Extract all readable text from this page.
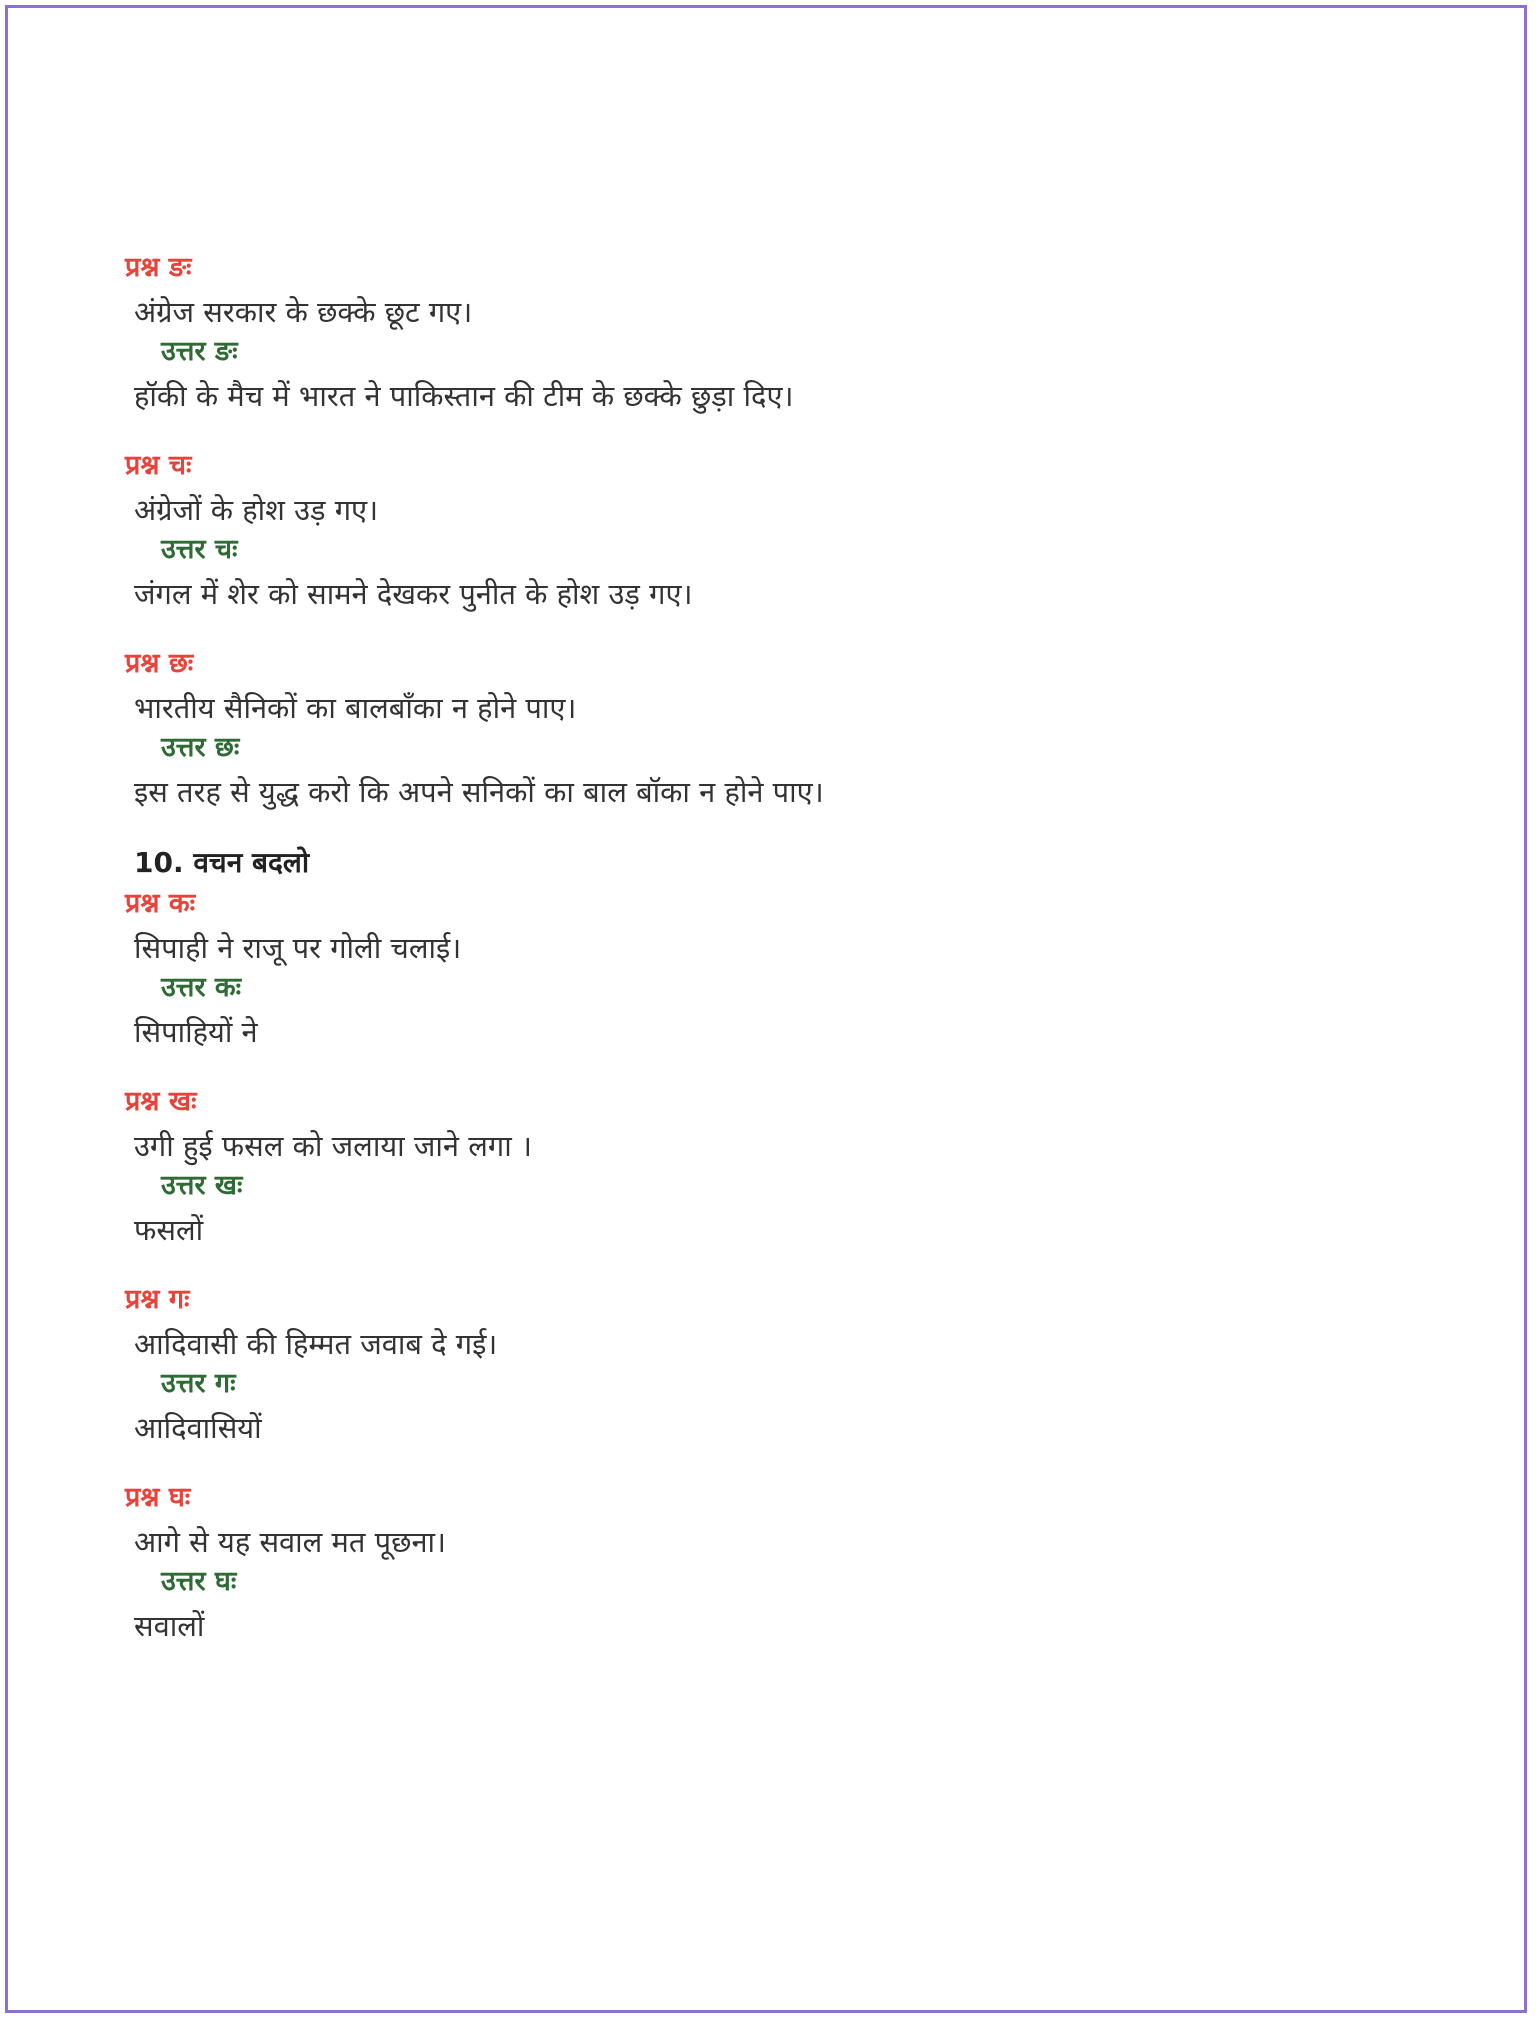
प्रश्न ङः
अंग्रेज सरकार के छक्के छूट गए।
उत्तर ङः
हॉकी के मैच में भारत ने पाकिस्तान की टीम के छक्के छुड़ा दिए।
प्रश्न चः
अंग्रेजों के होश उड़ गए।
उत्तर चः
जंगल में शेर को सामने देखकर पुनीत के होश उड़ गए।
प्रश्न छः
भारतीय सैनिकों का बालबाँका न होने पाए।
उत्तर छः
इस तरह से युद्ध करो कि अपने सनिकों का बाल बॉका न होने पाए।
10. वचन बदलो
प्रश्न कः
सिपाही ने राजू पर गोली चलाई।
उत्तर कः
सिपाहियों ने
प्रश्न खः
उगी हुई फसल को जलाया जाने लगा ।
उत्तर खः
फसलों
प्रश्न गः
आदिवासी की हिम्मत जवाब दे गई।
उत्तर गः
आदिवासियों
प्रश्न घः
आगे से यह सवाल मत पूछना।
उत्तर घः
सवालों
